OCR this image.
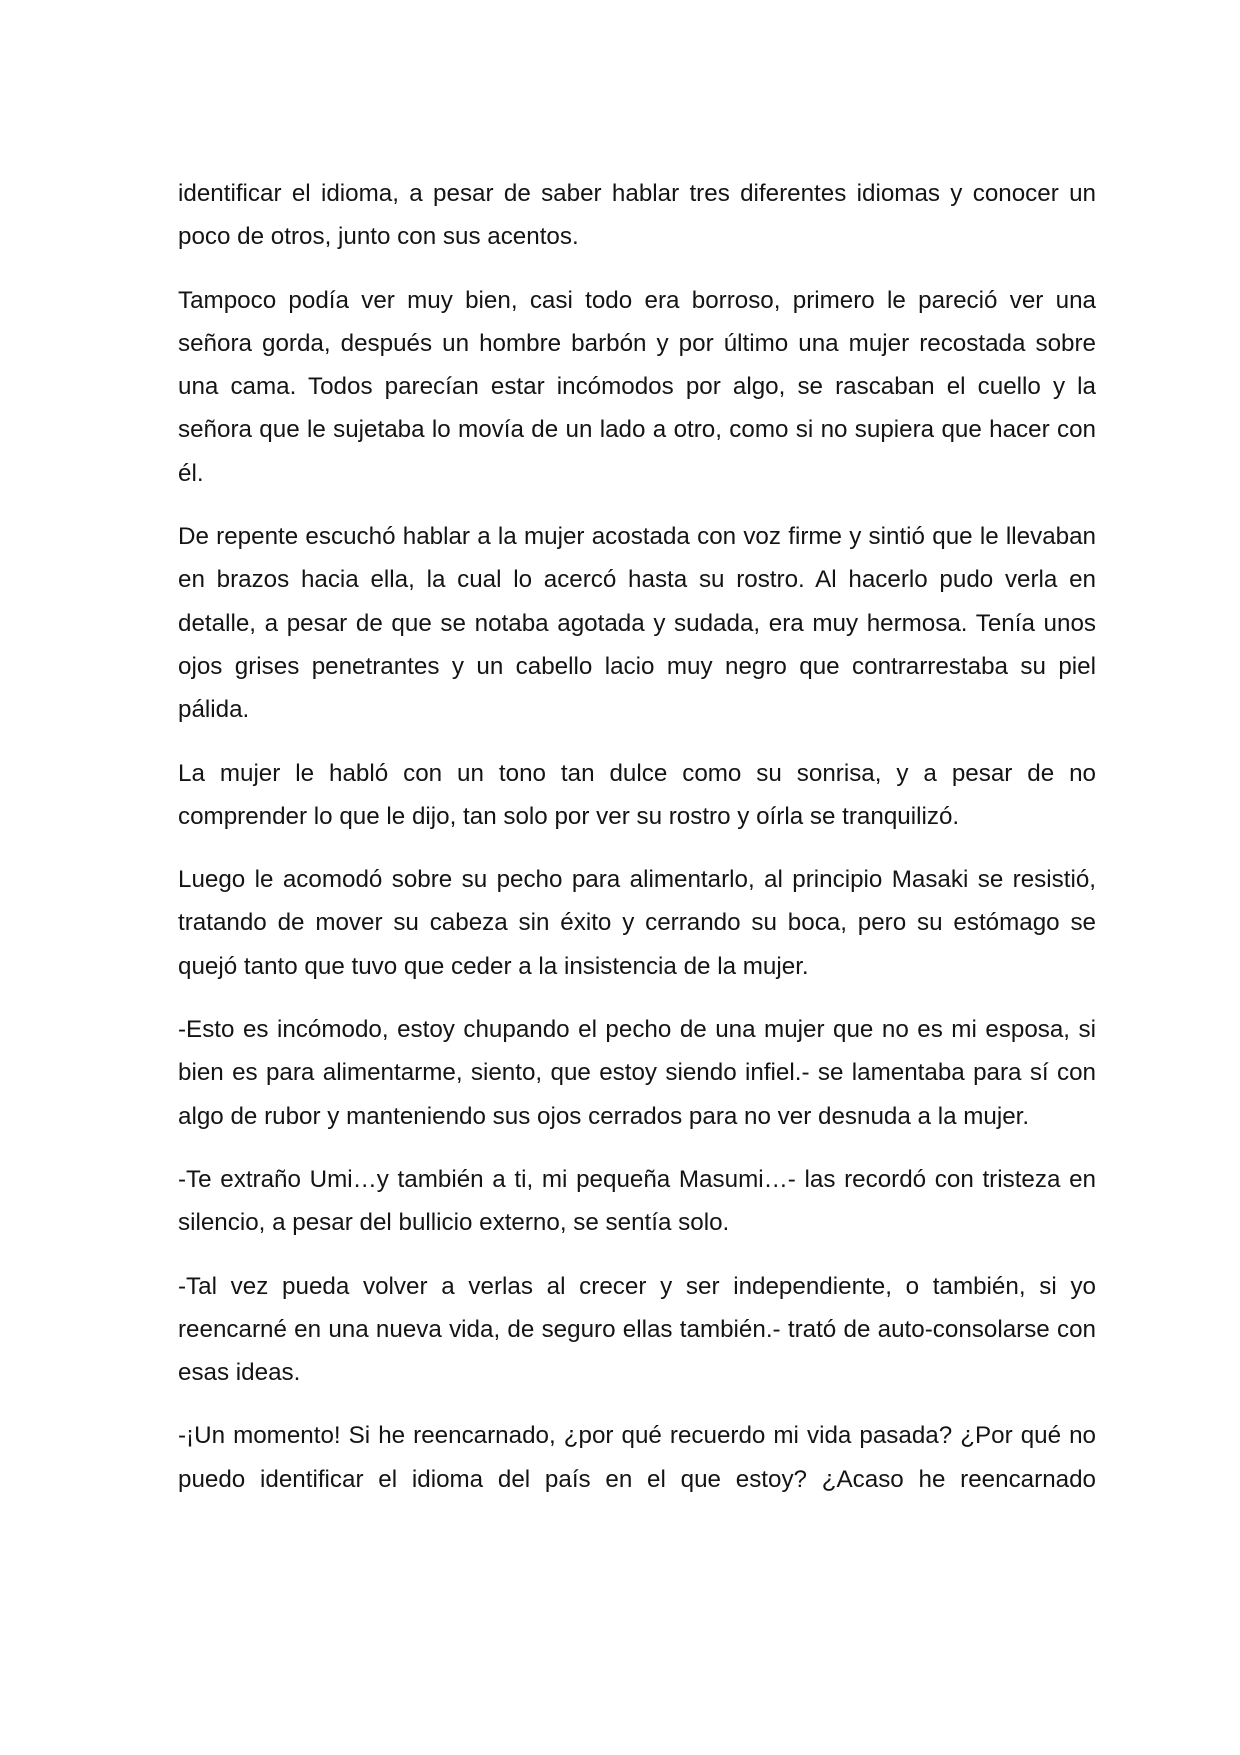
identificar el idioma, a pesar de saber hablar tres diferentes idiomas y conocer un poco de otros, junto con sus acentos.

Tampoco podía ver muy bien, casi todo era borroso, primero le pareció ver una señora gorda, después un hombre barbón y por último una mujer recostada sobre una cama. Todos parecían estar incómodos por algo, se rascaban el cuello y la señora que le sujetaba lo movía de un lado a otro, como si no supiera que hacer con él.

De repente escuchó hablar a la mujer acostada con voz firme y sintió que le llevaban en brazos hacia ella, la cual lo acercó hasta su rostro. Al hacerlo pudo verla en detalle, a pesar de que se notaba agotada y sudada, era muy hermosa. Tenía unos ojos grises penetrantes y un cabello lacio muy negro que contrarrestaba su piel pálida.

La mujer le habló con un tono tan dulce como su sonrisa, y a pesar de no comprender lo que le dijo, tan solo por ver su rostro y oírla se tranquilizó.

Luego le acomodó sobre su pecho para alimentarlo, al principio Masaki se resistió, tratando de mover su cabeza sin éxito y cerrando su boca, pero su estómago se quejó tanto que tuvo que ceder a la insistencia de la mujer.

-Esto es incómodo, estoy chupando el pecho de una mujer que no es mi esposa, si bien es para alimentarme, siento, que estoy siendo infiel.- se lamentaba para sí con algo de rubor y manteniendo sus ojos cerrados para no ver desnuda a la mujer.

-Te extraño Umi…y también a ti, mi pequeña Masumi…- las recordó con tristeza en silencio, a pesar del bullicio externo, se sentía solo.

-Tal vez pueda volver a verlas al crecer y ser independiente, o también, si yo reencarné en una nueva vida, de seguro ellas también.- trató de auto-consolarse con esas ideas.

-¡Un momento! Si he reencarnado, ¿por qué recuerdo mi vida pasada? ¿Por qué no puedo identificar el idioma del país en el que estoy? ¿Acaso he reencarnado
